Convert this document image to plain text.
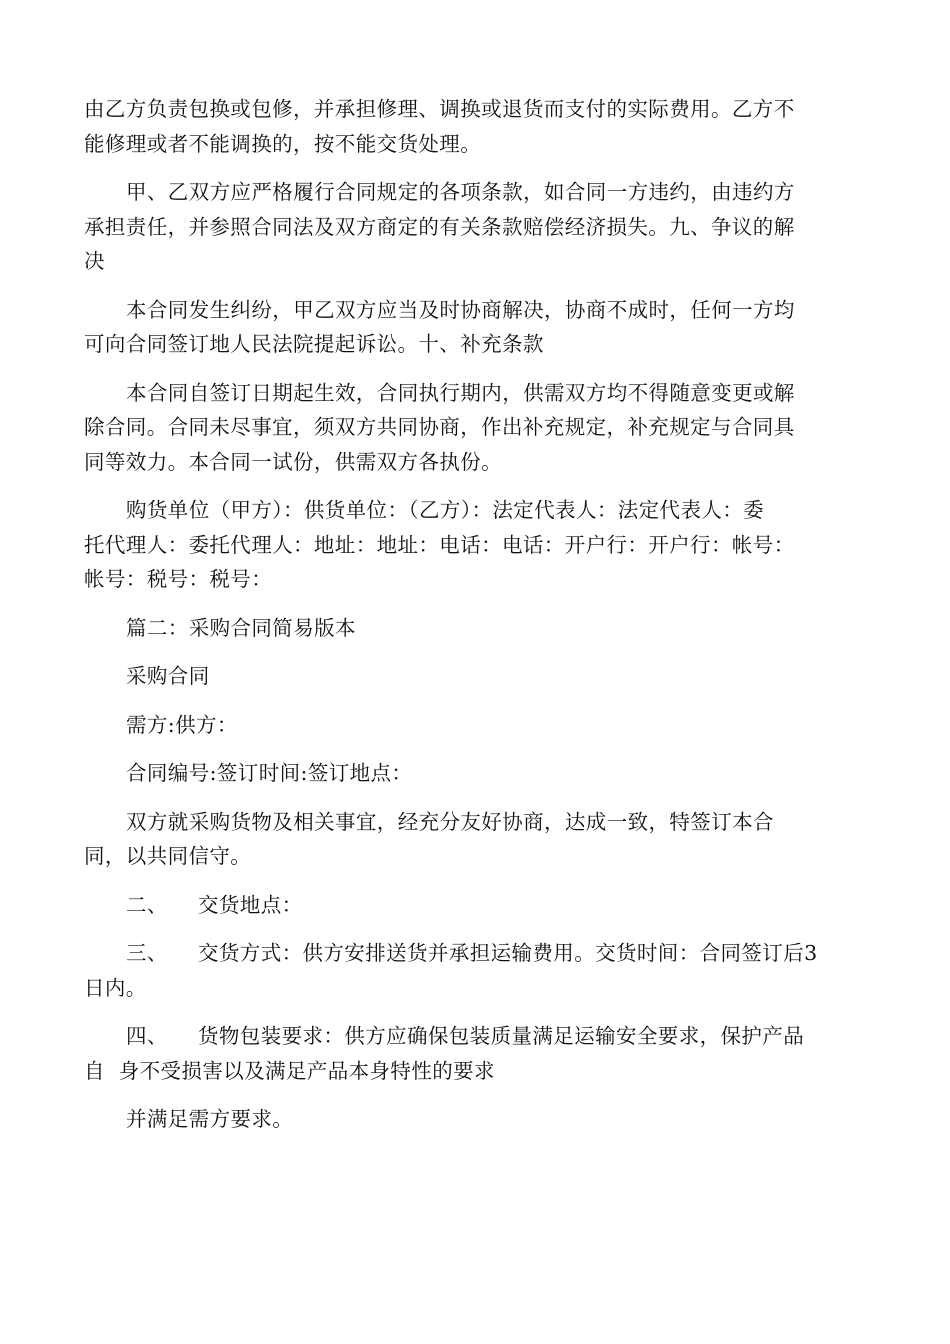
由乙方负责包换或包修，并承担修理、调换或退货而支付的实际费用。乙方不
能修理或者不能调换的，按不能交货处理。

甲、乙双方应严格履行合同规定的各项条款，如合同一方违约，由违约方
承担责任，并参照合同法及双方商定的有关条款赔偿经济损失。九、争议的解
决

本合同发生纠纷，甲乙双方应当及时协商解决，协商不成时，任何一方均
可向合同签订地人民法院提起诉讼。十、补充条款

本合同自签订日期起生效，合同执行期内，供需双方均不得随意变更或解
除合同。合同未尽事宜，须双方共同协商，作出补充规定，补充规定与合同具
同等效力。本合同一试份，供需双方各执份。

购货单位（甲方）：供货单位：（乙方）：法定代表人：法定代表人：委
托代理人：委托代理人：地址：地址：电话：电话：开户行：开户行：帐号：
帐号：税号：税号：

篇二：采购合同简易版本

采购合同

需方:供方：

合同编号:签订时间:签订地点：

双方就采购货物及相关事宜，经充分友好协商，达成一致，特签订本合
同，以共同信守。

二、 交货地点：
三、 交货方式：供方安排送货并承担运输费用。交货时间：合同签订后3
日内。
四、 货物包装要求：供方应确保包装质量满足运输安全要求，保护产品
自  身不受损害以及满足产品本身特性的要求

并满足需方要求。
